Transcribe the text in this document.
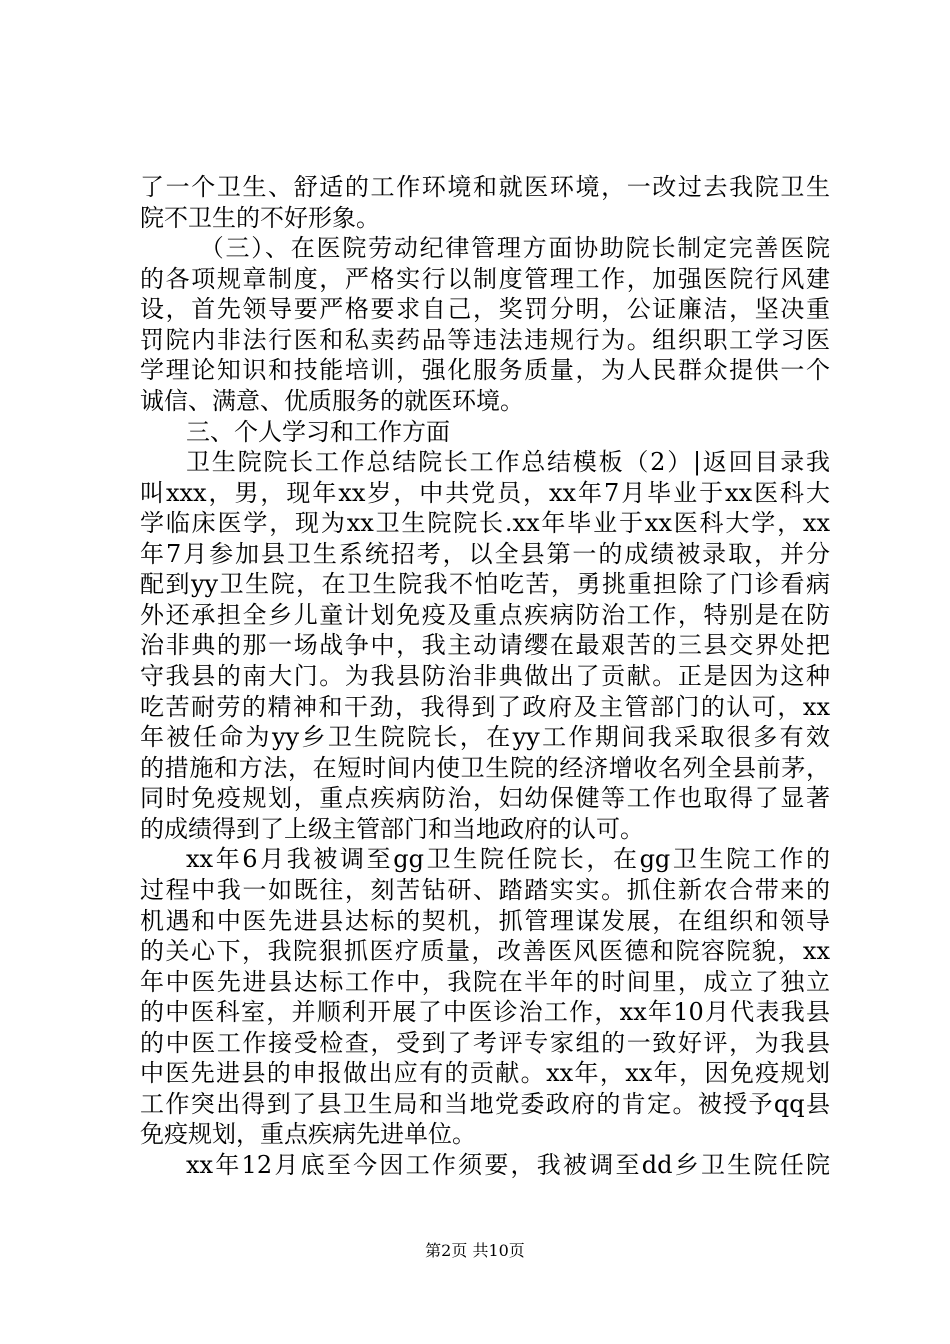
了一个卫生、舒适的工作环境和就医环境，一改过去我院卫生
院不卫生的不好形象。
　（三）、在医院劳动纪律管理方面协助院长制定完善医院
的各项规章制度，严格实行以制度管理工作，加强医院行风建
设，首先领导要严格要求自己，奖罚分明，公证廉洁，坚决重
罚院内非法行医和私卖药品等违法违规行为。组织职工学习医
学理论知识和技能培训，强化服务质量，为人民群众提供一个
诚信、满意、优质服务的就医环境。
三、个人学习和工作方面
卫生院院长工作总结院长工作总结模板（2）|返回目录我
叫xxx，男，现年xx岁，中共党员，xx年7月毕业于xx医科大
学临床医学，现为xx卫生院院长.xx年毕业于xx医科大学，xx
年7月参加县卫生系统招考，以全县第一的成绩被录取，并分
配到yy卫生院，在卫生院我不怕吃苦，勇挑重担除了门诊看病
外还承担全乡儿童计划免疫及重点疾病防治工作，特别是在防
治非典的那一场战争中，我主动请缨在最艰苦的三县交界处把
守我县的南大门。为我县防治非典做出了贡献。正是因为这种
吃苦耐劳的精神和干劲，我得到了政府及主管部门的认可，xx
年被任命为yy乡卫生院院长，在yy工作期间我采取很多有效
的措施和方法，在短时间内使卫生院的经济增收名列全县前茅，
同时免疫规划，重点疾病防治，妇幼保健等工作也取得了显著
的成绩得到了上级主管部门和当地政府的认可。
xx年6月我被调至gg卫生院任院长，在gg卫生院工作的
过程中我一如既往，刻苦钻研、踏踏实实。抓住新农合带来的
机遇和中医先进县达标的契机，抓管理谋发展，在组织和领导
的关心下，我院狠抓医疗质量，改善医风医德和院容院貌，xx
年中医先进县达标工作中，我院在半年的时间里，成立了独立
的中医科室，并顺利开展了中医诊治工作，xx年10月代表我县
的中医工作接受检查，受到了考评专家组的一致好评，为我县
中医先进县的申报做出应有的贡献。xx年，xx年，因免疫规划
工作突出得到了县卫生局和当地党委政府的肯定。被授予qq县
免疫规划，重点疾病先进单位。
xx年12月底至今因工作须要，我被调至dd乡卫生院任院
第2页 共10页
